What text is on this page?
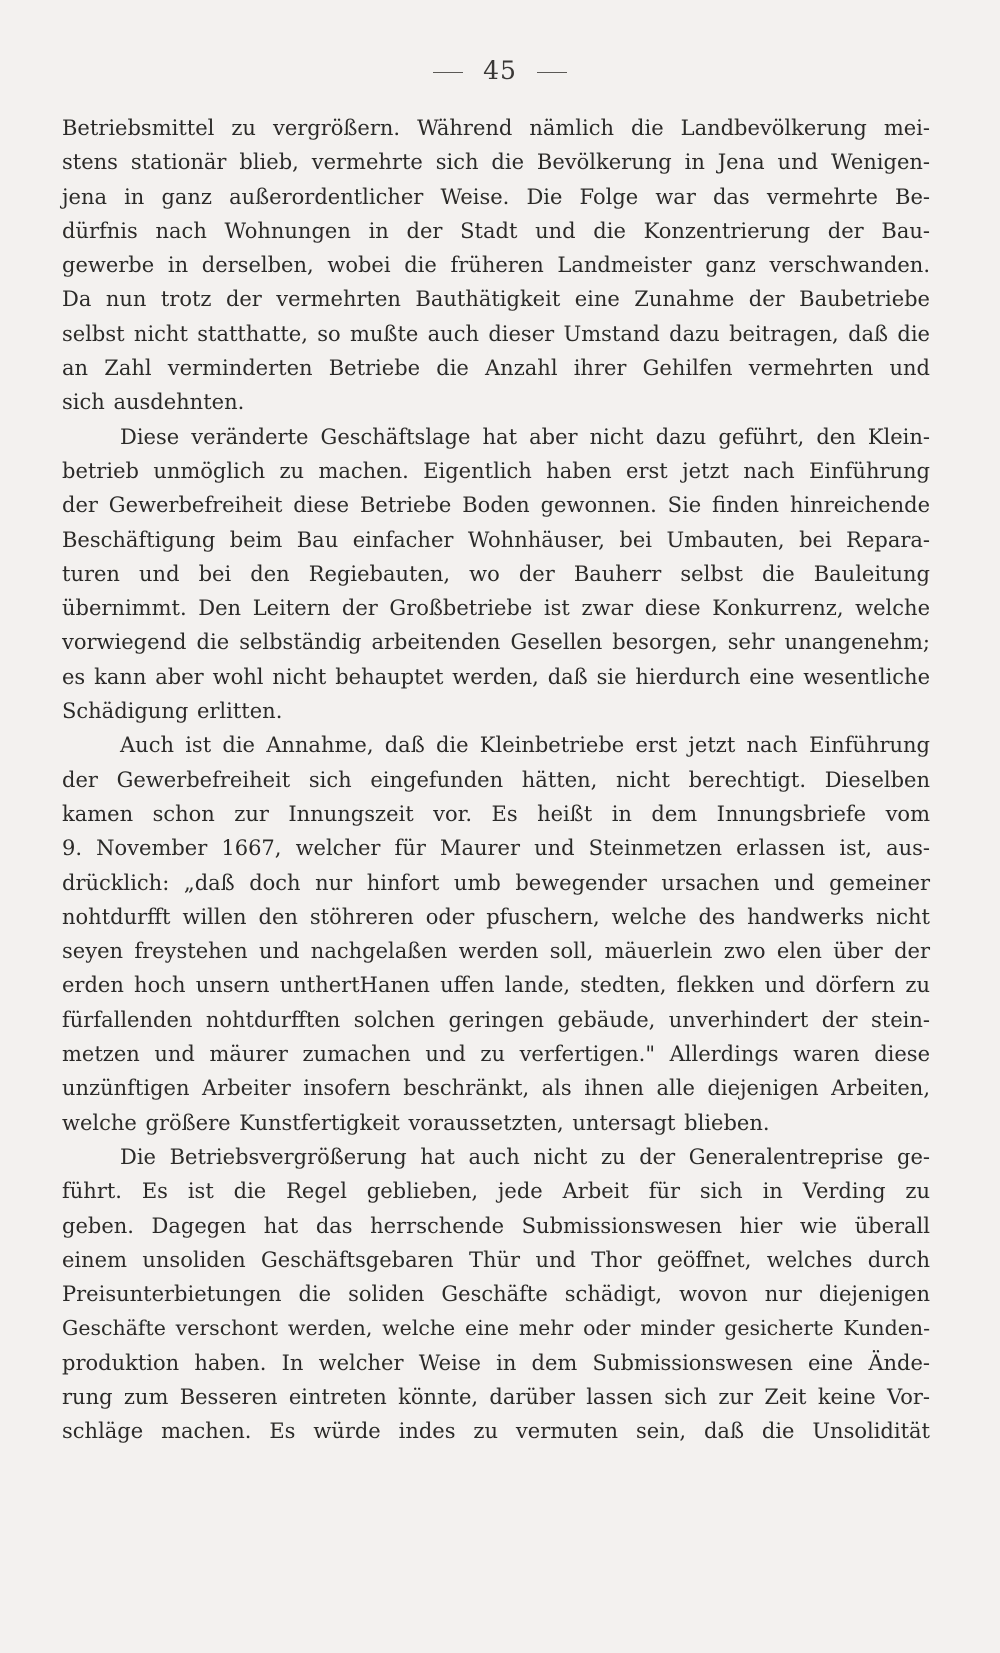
45
Betriebsmittel zu vergrößern. Während nämlich die Landbevölkerung mei-
stens stationär blieb, vermehrte sich die Bevölkerung in Jena und Wenigen-
jena in ganz außerordentlicher Weise. Die Folge war das vermehrte Be-
dürfnis nach Wohnungen in der Stadt und die Konzentrierung der Bau-
gewerbe in derselben, wobei die früheren Landmeister ganz verschwanden.
Da nun trotz der vermehrten Bauthätigkeit eine Zunahme der Baubetriebe
selbst nicht statthatte, so mußte auch dieser Umstand dazu beitragen, daß die
an Zahl verminderten Betriebe die Anzahl ihrer Gehilfen vermehrten und
sich ausdehnten.
Diese veränderte Geschäftslage hat aber nicht dazu geführt, den Klein-
betrieb unmöglich zu machen. Eigentlich haben erst jetzt nach Einführung
der Gewerbefreiheit diese Betriebe Boden gewonnen. Sie finden hinreichende
Beschäftigung beim Bau einfacher Wohnhäuser, bei Umbauten, bei Repara-
turen und bei den Regiebauten, wo der Bauherr selbst die Bauleitung
übernimmt. Den Leitern der Großbetriebe ist zwar diese Konkurrenz, welche
vorwiegend die selbständig arbeitenden Gesellen besorgen, sehr unangenehm;
es kann aber wohl nicht behauptet werden, daß sie hierdurch eine wesentliche
Schädigung erlitten.
Auch ist die Annahme, daß die Kleinbetriebe erst jetzt nach Einführung
der Gewerbefreiheit sich eingefunden hätten, nicht berechtigt. Dieselben
kamen schon zur Innungszeit vor. Es heißt in dem Innungsbriefe vom
9. November 1667, welcher für Maurer und Steinmetzen erlassen ist, aus-
drücklich: „daß doch nur hinfort umb bewegender ursachen und gemeiner
nohtdurfft willen den stöhreren oder pfuschern, welche des handwerks nicht
seyen freystehen und nachgelaßen werden soll, mäuerlein zwo elen über der
erden hoch unsern unthertHanen uffen lande, stedten, flekken und dörfern zu
fürfallenden nohtdurfften solchen geringen gebäude, unverhindert der stein-
metzen und mäurer zumachen und zu verfertigen." Allerdings waren diese
unzünftigen Arbeiter insofern beschränkt, als ihnen alle diejenigen Arbeiten,
welche größere Kunstfertigkeit voraussetzten, untersagt blieben.
Die Betriebsvergrößerung hat auch nicht zu der Generalentreprise ge-
führt. Es ist die Regel geblieben, jede Arbeit für sich in Verding zu
geben. Dagegen hat das herrschende Submissionswesen hier wie überall
einem unsoliden Geschäftsgebaren Thür und Thor geöffnet, welches durch
Preisunterbietungen die soliden Geschäfte schädigt, wovon nur diejenigen
Geschäfte verschont werden, welche eine mehr oder minder gesicherte Kunden-
produktion haben. In welcher Weise in dem Submissionswesen eine Ände-
rung zum Besseren eintreten könnte, darüber lassen sich zur Zeit keine Vor-
schläge machen. Es würde indes zu vermuten sein, daß die Unsolidität
